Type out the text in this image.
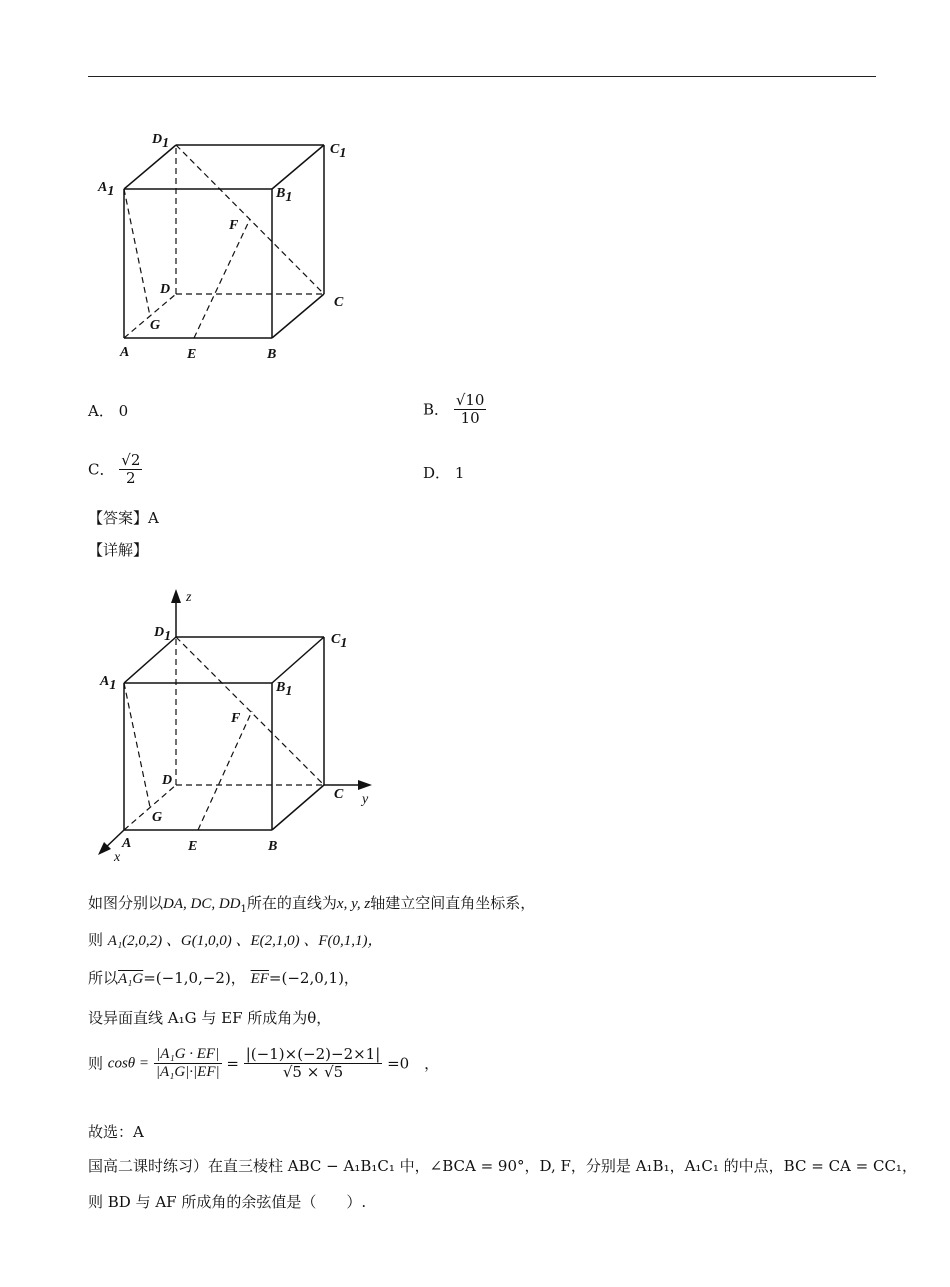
D1	C1
A1	B1
F
D
C
G
A	E	B
A． 0	B． $\frac{√10}{10}$
C． $\frac{√2}{2}$	D． 1
【答案】A
【详解】
z
D1	C1
A1	B1
F
D
C y
G
A	E	B
x
如图分别以DA, DC, $DD_1$所在的直线为x, y, z轴建立空间直角坐标系，
则 A₁(2,0,2) 、G(1,0,0) 、E(2,1,0) 、F(0,1,1)，
所以A₁G=(−1,0,−2)， $\overline{EF}=(-2,0,1)$，
设异面直线 A₁G 与 EF 所成角为θ，
则 $\cos\theta = \frac{\text{|A₁G · EF|}}{\text{|A₁G|·|EF|}} = \frac{|(-1)\times(-2)-2\times 1|}{√5 \times √5} =0$　，
故选：A
国高二课时练习）在直三棱柱 ABC − A₁B₁C₁ 中，∠BCA = 90°，D, F，分别是 A₁B₁，A₁C₁ 的中点，BC = CA = CC₁，
则 BD 与 AF 所成角的余弦值是（　　）.
